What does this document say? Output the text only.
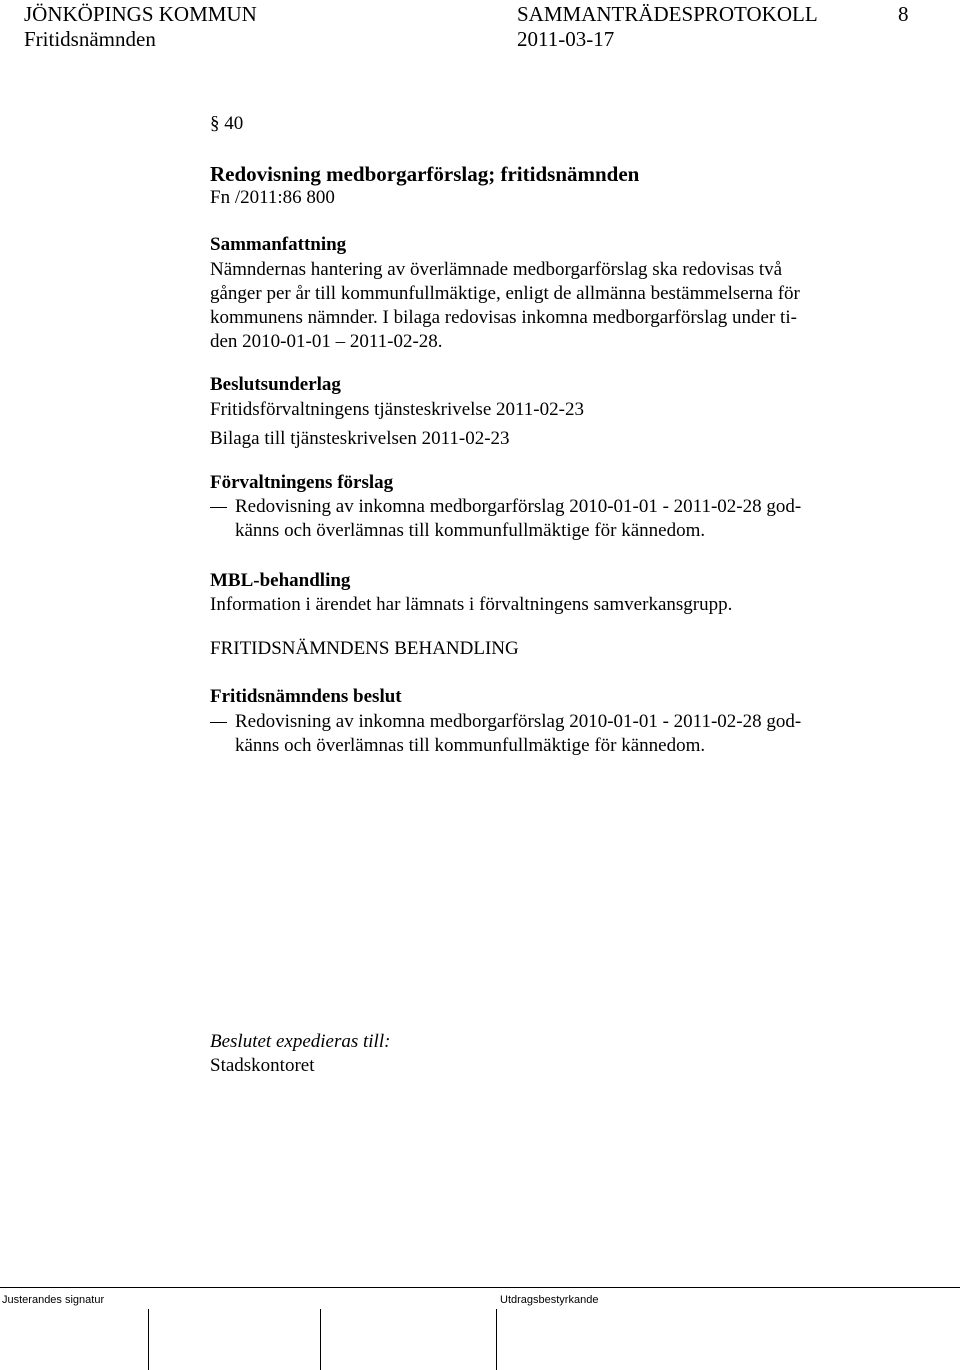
JÖNKÖPINGS KOMMUN	SAMMANTRÄDESPROTOKOLL	8
Fritidsnämnden	2011-03-17
§ 40
Redovisning medborgarförslag; fritidsnämnden
Fn /2011:86 800
Sammanfattning
Nämndernas hantering av överlämnade medborgarförslag ska redovisas två
gånger per år till kommunfullmäktige, enligt de allmänna bestämmelserna för
kommunens nämnder. I bilaga redovisas inkomna medborgarförslag under ti-
den 2010-01-01 – 2011-02-28.
Beslutsunderlag
Fritidsförvaltningens tjänsteskrivelse 2011-02-23
Bilaga till tjänsteskrivelsen 2011-02-23
Förvaltningens förslag
Redovisning av inkomna medborgarförslag 2010-01-01 - 2011-02-28 god-
känns och överlämnas till kommunfullmäktige för kännedom.
MBL-behandling
Information i ärendet har lämnats i förvaltningens samverkansgrupp.
FRITIDSNÄMNDENS BEHANDLING
Fritidsnämndens beslut
Redovisning av inkomna medborgarförslag 2010-01-01 - 2011-02-28 god-
känns och överlämnas till kommunfullmäktige för kännedom.
Beslutet expedieras till:
Stadskontoret
Justerandes signatur	Utdragsbestyrkande
